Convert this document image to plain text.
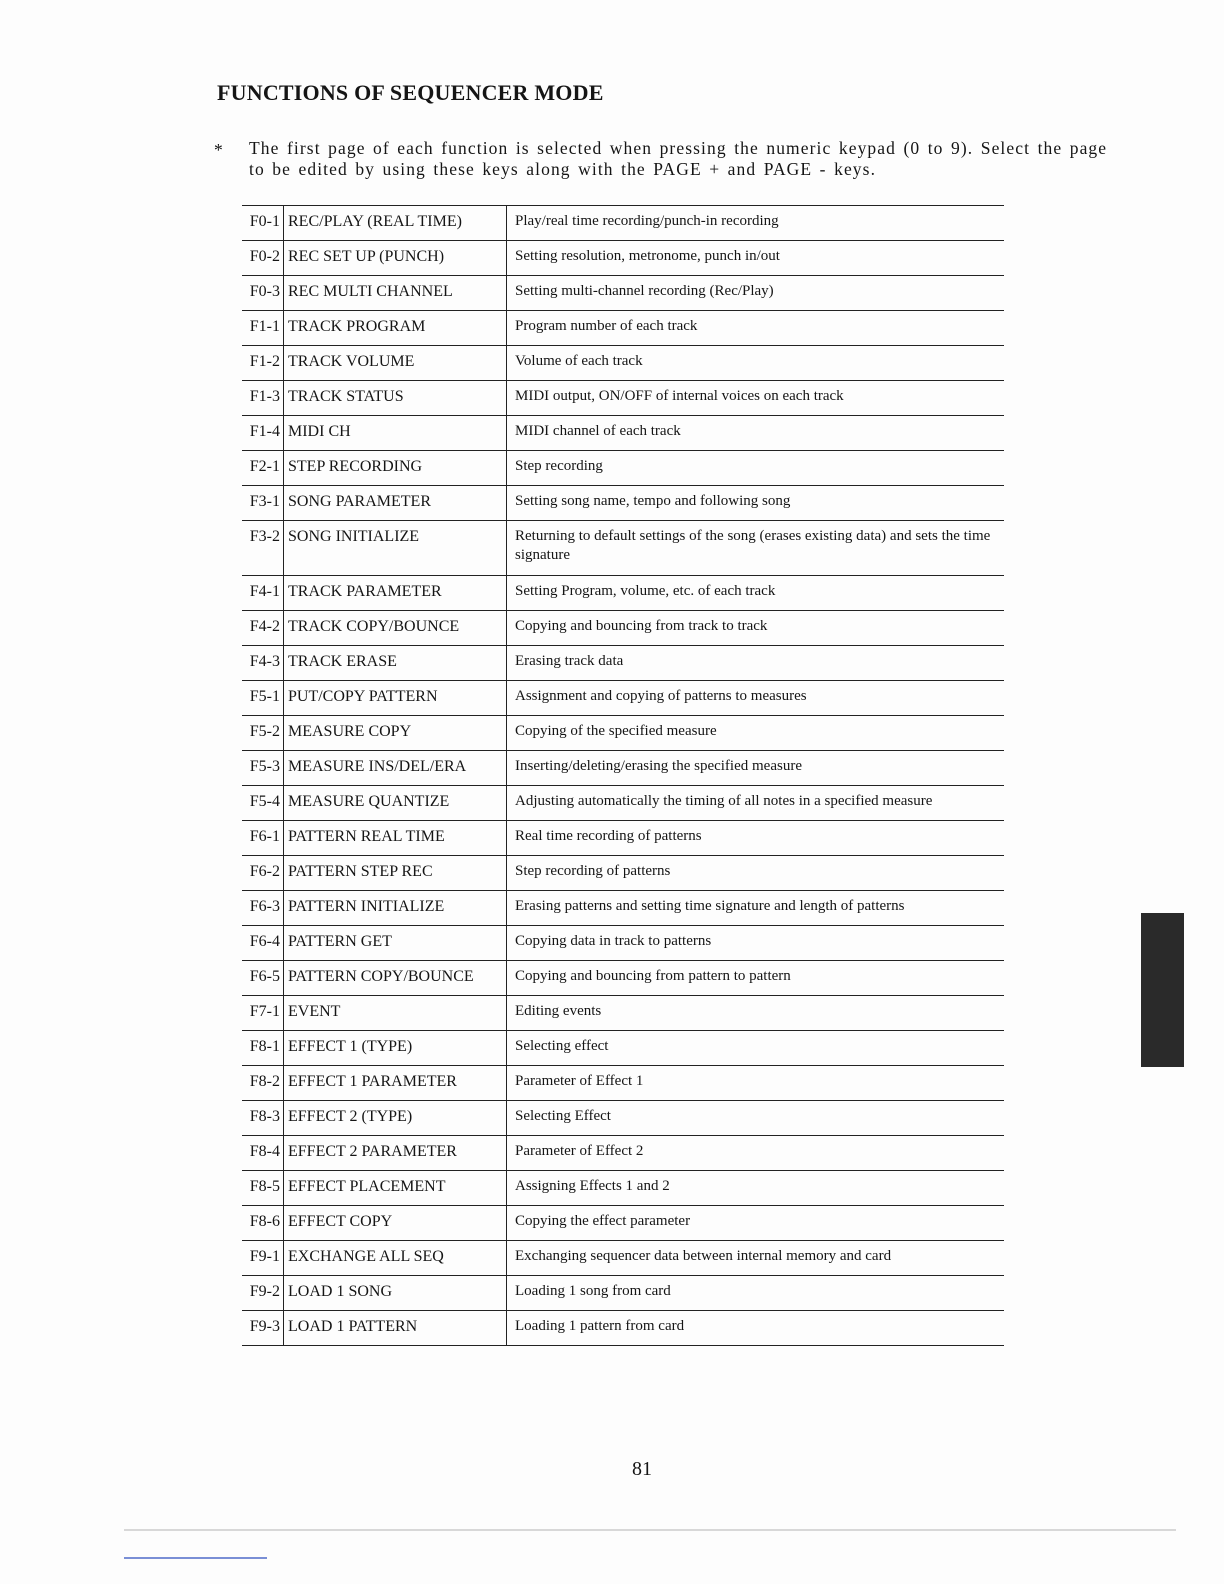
FUNCTIONS OF SEQUENCER MODE
* The first page of each function is selected when pressing the numeric keypad (0 to 9). Select the page to be edited by using these keys along with the PAGE + and PAGE - keys.
F0-1 REC/PLAY (REAL TIME)	Play/real time recording/punch-in recording
F0-2 REC SET UP (PUNCH)	Setting resolution, metronome, punch in/out
F0-3 REC MULTI CHANNEL	Setting multi-channel recording (Rec/Play)
F1-1 TRACK PROGRAM	Program number of each track
F1-2 TRACK VOLUME	Volume of each track
F1-3 TRACK STATUS	MIDI output, ON/OFF of internal voices on each track
F1-4 MIDI CH	MIDI channel of each track
F2-1 STEP RECORDING	Step recording
F3-1 SONG PARAMETER	Setting song name, tempo and following song
F3-2 SONG INITIALIZE	Returning to default settings of the song (erases existing data) and sets the time signature
F4-1 TRACK PARAMETER	Setting Program, volume, etc. of each track
F4-2 TRACK COPY/BOUNCE	Copying and bouncing from track to track
F4-3 TRACK ERASE	Erasing track data
F5-1 PUT/COPY PATTERN	Assignment and copying of patterns to measures
F5-2 MEASURE COPY	Copying of the specified measure
F5-3 MEASURE INS/DEL/ERA	Inserting/deleting/erasing the specified measure
F5-4 MEASURE QUANTIZE	Adjusting automatically the timing of all notes in a specified measure
F6-1 PATTERN REAL TIME	Real time recording of patterns
F6-2 PATTERN STEP REC	Step recording of patterns
F6-3 PATTERN INITIALIZE	Erasing patterns and setting time signature and length of patterns
F6-4 PATTERN GET	Copying data in track to patterns
F6-5 PATTERN COPY/BOUNCE	Copying and bouncing from pattern to pattern
F7-1 EVENT	Editing events
F8-1 EFFECT 1 (TYPE)	Selecting effect
F8-2 EFFECT 1 PARAMETER	Parameter of Effect 1
F8-3 EFFECT 2 (TYPE)	Selecting Effect
F8-4 EFFECT 2 PARAMETER	Parameter of Effect 2
F8-5 EFFECT PLACEMENT	Assigning Effects 1 and 2
F8-6 EFFECT COPY	Copying the effect parameter
F9-1 EXCHANGE ALL SEQ	Exchanging sequencer data between internal memory and card
F9-2 LOAD 1 SONG	Loading 1 song from card
F9-3 LOAD 1 PATTERN	Loading 1 pattern from card
81
